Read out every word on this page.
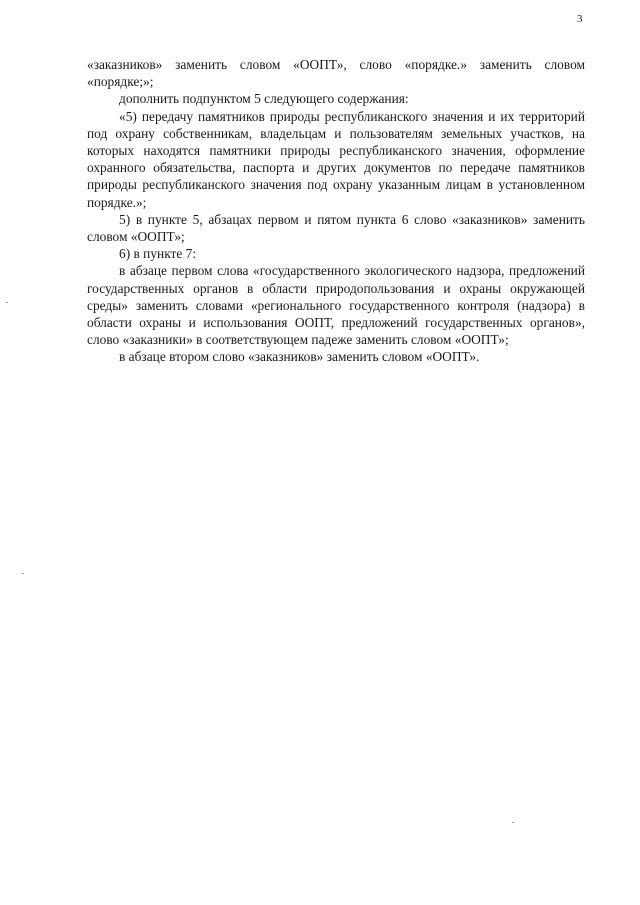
3

«заказников» заменить словом «ООПТ», слово «порядке.» заменить словом «порядке;»;

дополнить подпунктом 5 следующего содержания:

«5) передачу памятников природы республиканского значения и их территорий под охрану собственникам, владельцам и пользователям земельных участков, на которых находятся памятники природы республиканского значения, оформление охранного обязательства, паспорта и других документов по передаче памятников природы республиканского значения под охрану указанным лицам в установленном порядке.»;

5) в пункте 5, абзацах первом и пятом пункта 6 слово «заказников» заменить словом «ООПТ»;

6) в пункте 7:

в абзаце первом слова «государственного экологического надзора, предложений государственных органов в области природопользования и охраны окружающей среды» заменить словами «регионального государственного контроля (надзора) в области охраны и использования ООПТ, предложений государственных органов», слово «заказники» в соответствующем падеже заменить словом «ООПТ»;

в абзаце втором слово «заказников» заменить словом «ООПТ».
